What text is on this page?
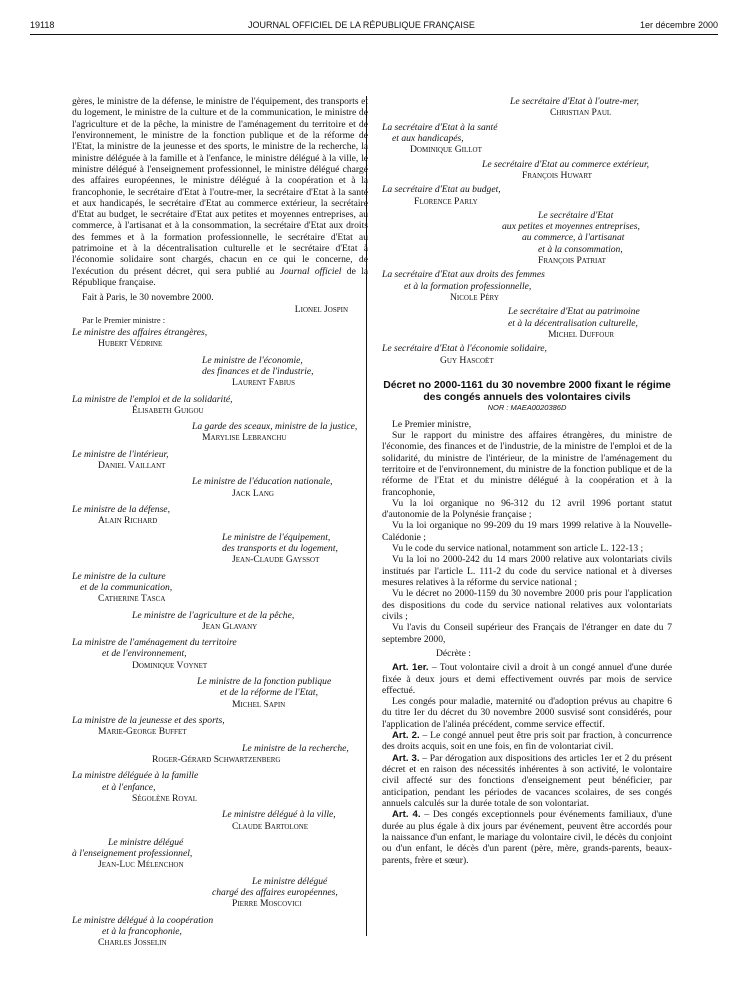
19118	JOURNAL OFFICIEL DE LA RÉPUBLIQUE FRANÇAISE	1er décembre 2000

gères, le ministre de la défense, le ministre de l'équipement, des transports et du logement, le ministre de la culture et de la communication, le ministre de l'agriculture et de la pêche, la ministre de l'aménagement du territoire et de l'environnement, le ministre de la fonction publique et de la réforme de l'Etat, la ministre de la jeunesse et des sports, le ministre de la recherche, la ministre déléguée à la famille et à l'enfance, le ministre délégué à la ville, le ministre délégué à l'enseignement professionnel, le ministre délégué chargé des affaires européennes, le ministre délégué à la coopération et à la francophonie, le secrétaire d'Etat à l'outre-mer, la secrétaire d'Etat à la santé et aux handicapés, le secrétaire d'Etat au commerce extérieur, la secrétaire d'Etat au budget, le secrétaire d'Etat aux petites et moyennes entreprises, au commerce, à l'artisanat et à la consommation, la secrétaire d'Etat aux droits des femmes et à la formation professionnelle, le secrétaire d'Etat au patrimoine et à la décentralisation culturelle et le secrétaire d'Etat à l'économie solidaire sont chargés, chacun en ce qui le concerne, de l'exécution du présent décret, qui sera publié au Journal officiel de la République française.

Fait à Paris, le 30 novembre 2000.

Lionel Jospin

Par le Premier ministre :

Le ministre des affaires étrangères,

Hubert Védrine

Le ministre de l'économie,

des finances et de l'industrie,

Laurent Fabius

La ministre de l'emploi et de la solidarité,

Élisabeth Guigou

La garde des sceaux, ministre de la justice,

Marylise Lebranchu

Le ministre de l'intérieur,

Daniel Vaillant

Le ministre de l'éducation nationale,

Jack Lang

Le ministre de la défense,

Alain Richard

Le ministre de l'équipement,

des transports et du logement,

Jean-Claude Gayssot

Le ministre de la culture

et de la communication,

Catherine Tasca

Le ministre de l'agriculture et de la pêche,

Jean Glavany

La ministre de l'aménagement du territoire

et de l'environnement,

Dominique Voynet

Le ministre de la fonction publique

et de la réforme de l'Etat,

Michel Sapin

La ministre de la jeunesse et des sports,

Marie-George Buffet

Le ministre de la recherche,

Roger-Gérard Schwartzenberg

La ministre déléguée à la famille

et à l'enfance,

Ségolène Royal

Le ministre délégué à la ville,

Claude Bartolone

Le ministre délégué

à l'enseignement professionnel,

Jean-Luc Mélenchon

Le ministre délégué

chargé des affaires européennes,

Pierre Moscovici

Le ministre délégué à la coopération

et à la francophonie,

Charles Josselin

Le secrétaire d'Etat à l'outre-mer,

Christian Paul

La secrétaire d'Etat à la santé

et aux handicapés,

Dominique Gillot

Le secrétaire d'Etat au commerce extérieur,

François Huwart

La secrétaire d'Etat au budget,

Florence Parly

Le secrétaire d'Etat

aux petites et moyennes entreprises,

au commerce, à l'artisanat

et à la consommation,

François Patriat

La secrétaire d'Etat aux droits des femmes

et à la formation professionnelle,

Nicole Péry

Le secrétaire d'Etat au patrimoine

et à la décentralisation culturelle,

Michel Duffour

Le secrétaire d'Etat à l'économie solidaire,

Guy Hascoët

Décret no 2000-1161 du 30 novembre 2000 fixant le régime des congés annuels des volontaires civils

NOR : MAEA0020386D

Le Premier ministre,

Sur le rapport du ministre des affaires étrangères, du ministre de l'économie, des finances et de l'industrie, de la ministre de l'emploi et de la solidarité, du ministre de l'intérieur, de la ministre de l'aménagement du territoire et de l'environnement, du ministre de la fonction publique et de la réforme de l'Etat et du ministre délégué à la coopération et à la francophonie,

Vu la loi organique no 96-312 du 12 avril 1996 portant statut d'autonomie de la Polynésie française ;

Vu la loi organique no 99-209 du 19 mars 1999 relative à la Nouvelle-Calédonie ;

Vu le code du service national, notamment son article L. 122-13 ;

Vu la loi no 2000-242 du 14 mars 2000 relative aux volontariats civils institués par l'article L. 111-2 du code du service national et à diverses mesures relatives à la réforme du service national ;

Vu le décret no 2000-1159 du 30 novembre 2000 pris pour l'application des dispositions du code du service national relatives aux volontariats civils ;

Vu l'avis du Conseil supérieur des Français de l'étranger en date du 7 septembre 2000,

Décrète :

Art. 1er. – Tout volontaire civil a droit à un congé annuel d'une durée fixée à deux jours et demi effectivement ouvrés par mois de service effectué.

Les congés pour maladie, maternité ou d'adoption prévus au chapitre 6 du titre Ier du décret du 30 novembre 2000 susvisé sont considérés, pour l'application de l'alinéa précédent, comme service effectif.

Art. 2. – Le congé annuel peut être pris soit par fraction, à concurrence des droits acquis, soit en une fois, en fin de volontariat civil.

Art. 3. – Par dérogation aux dispositions des articles 1er et 2 du présent décret et en raison des nécessités inhérentes à son activité, le volontaire civil affecté sur des fonctions d'enseignement peut bénéficier, par anticipation, pendant les périodes de vacances scolaires, de ses congés annuels calculés sur la durée totale de son volontariat.

Art. 4. – Des congés exceptionnels pour événements familiaux, d'une durée au plus égale à dix jours par événement, peuvent être accordés pour la naissance d'un enfant, le mariage du volontaire civil, le décès du conjoint ou d'un enfant, le décès d'un parent (père, mère, grands-parents, beaux-parents, frère et sœur).
